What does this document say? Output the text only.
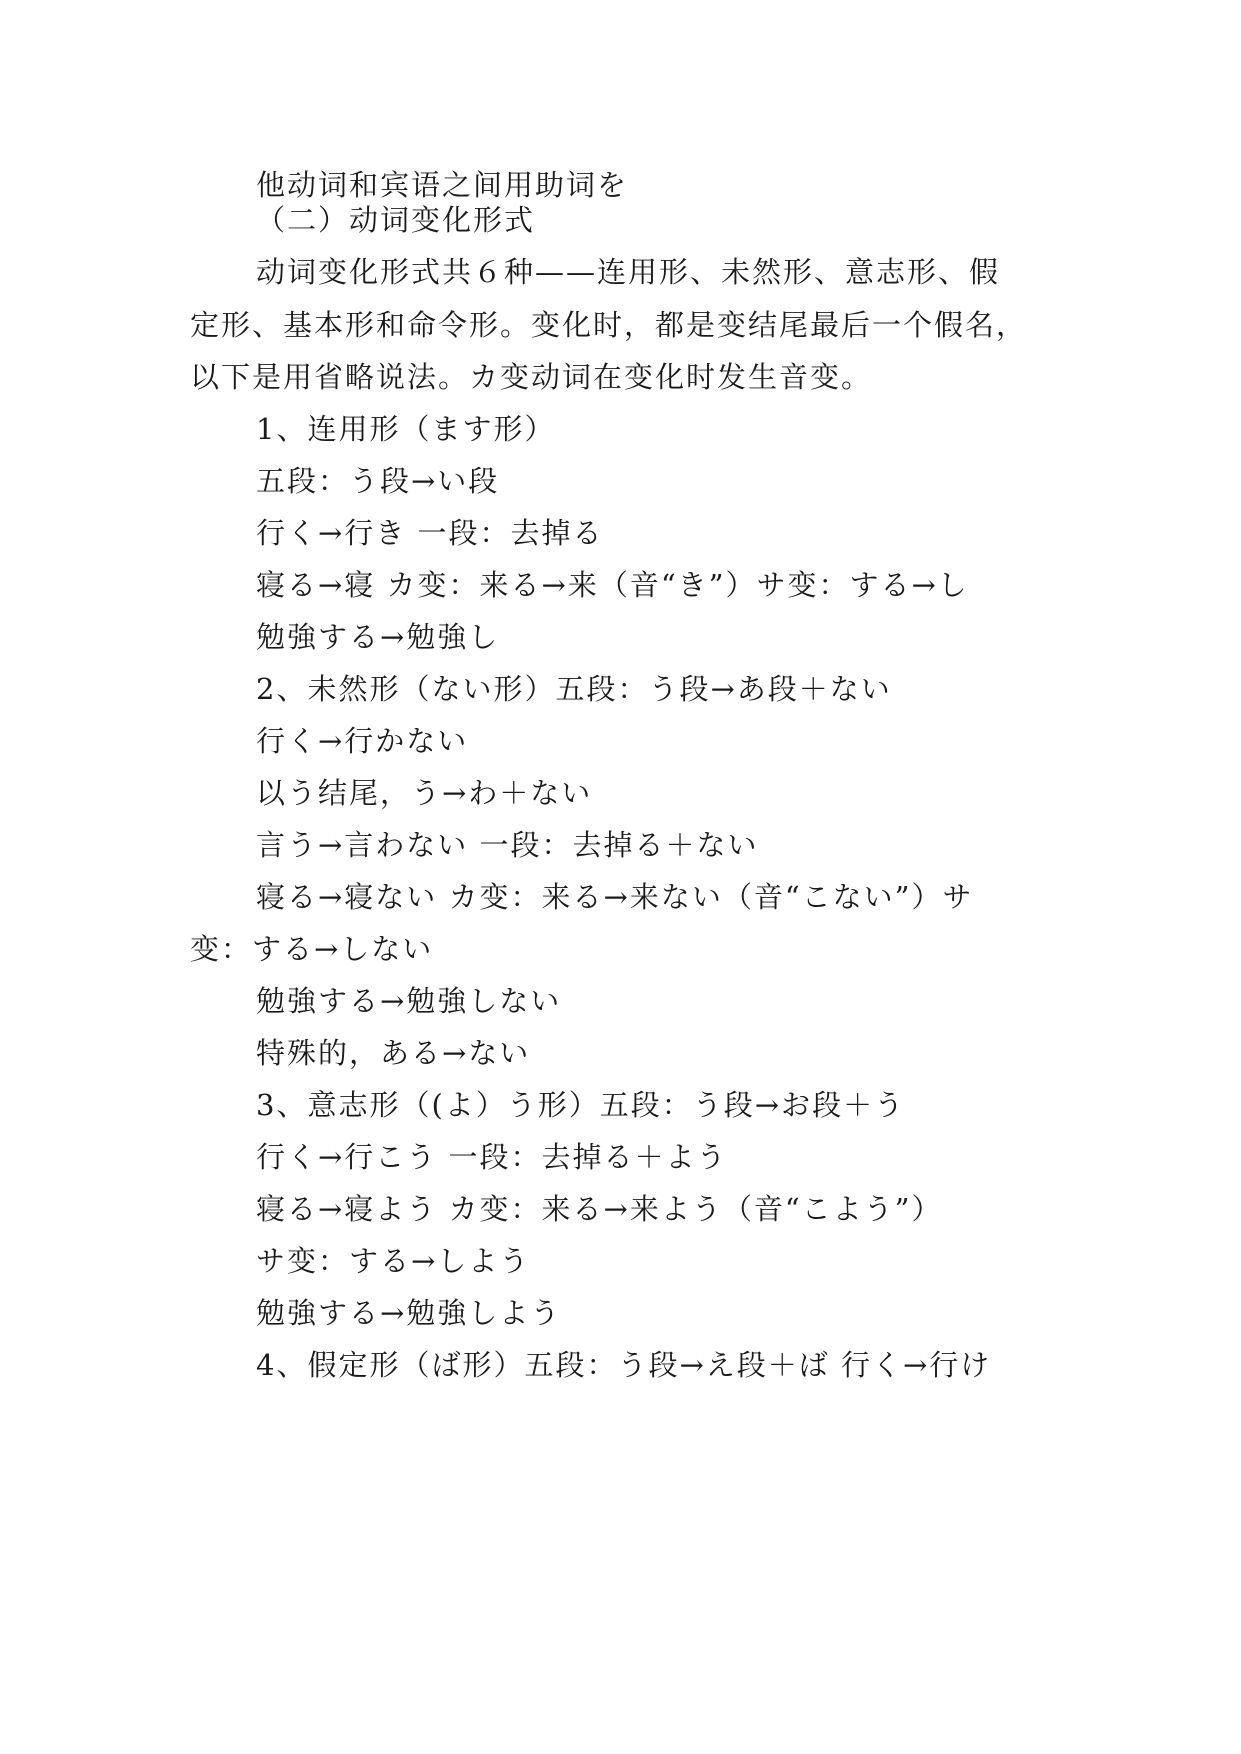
他动词和宾语之间用助词を
（二）动词变化形式
动词变化形式共６种——连用形、未然形、意志形、假
定形、基本形和命令形。变化时，都是变结尾最后一个假名，
以下是用省略说法。カ变动词在变化时发生音变。
1、连用形（ます形）
五段：う段→い段
行く→行き 一段：去掉る
寝る→寝 カ变：来る→来（音“き”）サ变：する→し
勉強する→勉強し
2、未然形（ない形）五段：う段→あ段＋ない
行く→行かない
以う结尾，う→わ＋ない
言う→言わない 一段：去掉る＋ない
寝る→寝ない カ变：来る→来ない（音“こない”）サ
变：する→しない
勉強する→勉強しない
特殊的，ある→ない
3、意志形（(よ）う形）五段：う段→お段＋う
行く→行こう 一段：去掉る＋よう
寝る→寝よう カ变：来る→来よう（音“こよう”）
サ变：する→しよう
勉強する→勉強しよう
4、假定形（ば形）五段：う段→え段＋ば 行く→行け
